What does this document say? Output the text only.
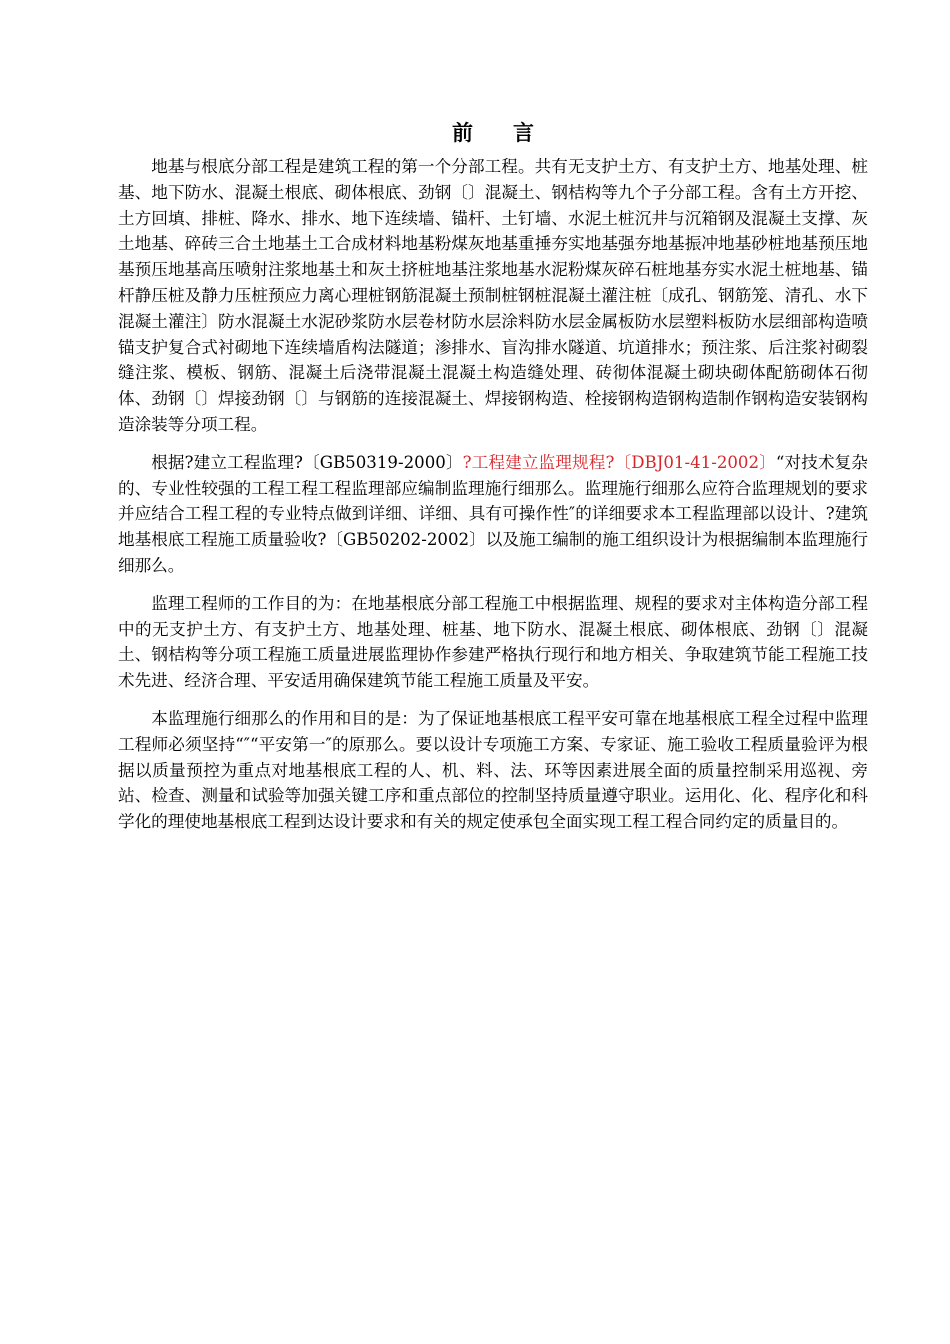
前言

地基与根底分部工程是建筑工程的第一个分部工程。共有无支护土方、有支护土方、地基处理、桩基、地下防水、混凝土根底、砌体根底、劲钢〔〕混凝土、钢桔构等九个子分部工程。含有土方开挖、土方回填、排桩、降水、排水、地下连续墙、锚杆、土钉墙、水泥土桩沉井与沉箱钢及混凝土支撑、灰土地基、碎砖三合土地基土工合成材料地基粉煤灰地基重捶夯实地基强夯地基振冲地基砂桩地基预压地基预压地基高压喷射注浆地基土和灰土挤桩地基注浆地基水泥粉煤灰碎石桩地基夯实水泥土桩地基、锚杆静压桩及静力压桩预应力离心理桩钢筋混凝土预制桩钢桩混凝土灌注桩〔成孔、钢筋笼、清孔、水下混凝土灌注〕防水混凝土水泥砂浆防水层卷材防水层涂料防水层金属板防水层塑料板防水层细部构造喷锚支护复合式衬砌地下连续墙盾构法隧道；渗排水、盲沟排水隧道、坑道排水；预注浆、后注浆衬砌裂缝注浆、模板、钢筋、混凝土后浇带混凝土混凝土构造缝处理、砖彻体混凝土砌块砌体配筋砌体石彻体、劲钢〔〕焊接劲钢〔〕与钢筋的连接混凝土、焊接钢构造、栓接钢构造钢构造制作钢构造安装钢构造涂装等分项工程。

根据?建立工程监理?〔GB50319-2000〕?工程建立监理规程?〔DBJ01-41-2002〕“对技术复杂的、专业性较强的工程工程工程监理部应编制监理施行细那么。监理施行细那么应符合监理规划的要求并应结合工程工程的专业特点做到详细、详细、具有可操作性″的详细要求本工程监理部以设计、?建筑地基根底工程施工质量验收?〔GB50202-2002〕以及施工编制的施工组织设计为根据编制本监理施行细那么。

监理工程师的工作目的为：在地基根底分部工程施工中根据监理、规程的要求对主体构造分部工程中的无支护土方、有支护土方、地基处理、桩基、地下防水、混凝土根底、砌体根底、劲钢〔〕混凝土、钢桔构等分项工程施工质量进展监理协作参建严格执行现行和地方相关、争取建筑节能工程施工技术先进、经济合理、平安适用确保建筑节能工程施工质量及平安。

本监理施行细那么的作用和目的是：为了保证地基根底工程平安可靠在地基根底工程全过程中监理工程师必须坚持“″“平安第一″的原那么。要以设计专项施工方案、专家证、施工验收工程质量验评为根据以质量预控为重点对地基根底工程的人、机、料、法、环等因素进展全面的质量控制采用巡视、旁站、检查、测量和试验等加强关键工序和重点部位的控制坚持质量遵守职业。运用化、化、程序化和科学化的理使地基根底工程到达设计要求和有关的规定使承包全面实现工程工程合同约定的质量目的。
